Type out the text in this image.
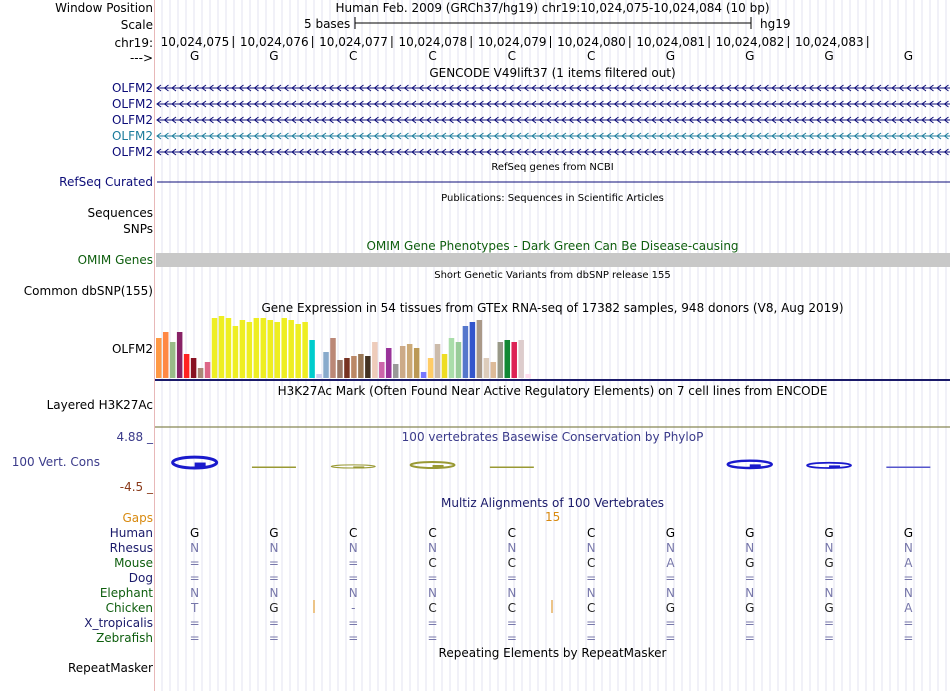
Window Position	Human Feb. 2009 (GRCh37/hg19) chr19:10,024,075-10,024,084 (10 bp)
Scale	5 bases	hg19
chr19:
--->
10,024,075 10,024,076 10,024,077 10,024,078 10,024,079 10,024,080 10,024,081 10,024,082 10,024,083
G	G	C	C	C	C	G	G	G	G
GENCODE V49lift37 (1 items filtered out)
OLFM2
OLFM2
OLFM2
OLFM2
OLFM2
RefSeq genes from NCBI
RefSeq Curated
Publications: Sequences in Scientific Articles
Sequences
SNPs
OMIM Gene Phenotypes - Dark Green Can Be Disease-causing
OMIM Genes
Short Genetic Variants from dbSNP release 155
Common dbSNP(155)
Gene Expression in 54 tissues from GTEx RNA-seq of 17382 samples, 948 donors (V8, Aug 2019)
OLFM2
H3K27Ac Mark (Often Found Near Active Regulatory Elements) on 7 cell lines from ENCODE
Layered H3K27Ac
100 vertebrates Basewise Conservation by PhyloP
4.88 _
100 Vert. Cons
-4.5 _
Multiz Alignments of 100 Vertebrates
Gaps	15
Human	G	G	C	C	C	C	G	G	G	G
Rhesus	N	N	N	N	N	N	N	N	N	N
Mouse	=	=	=	C	C	C	A	G	G	A
Dog	=	=	=	=	=	=	=	=	=	=
Elephant	N	N	N	N	N	N	N	N	N	N
Chicken	T	G	-	C	C	C	G	G	G	A
X_tropicalis	=	=	=	=	=	=	=	=	=	=
Zebrafish	=	=	=	=	=	=	=	=	=	=
Repeating Elements by RepeatMasker
RepeatMasker
